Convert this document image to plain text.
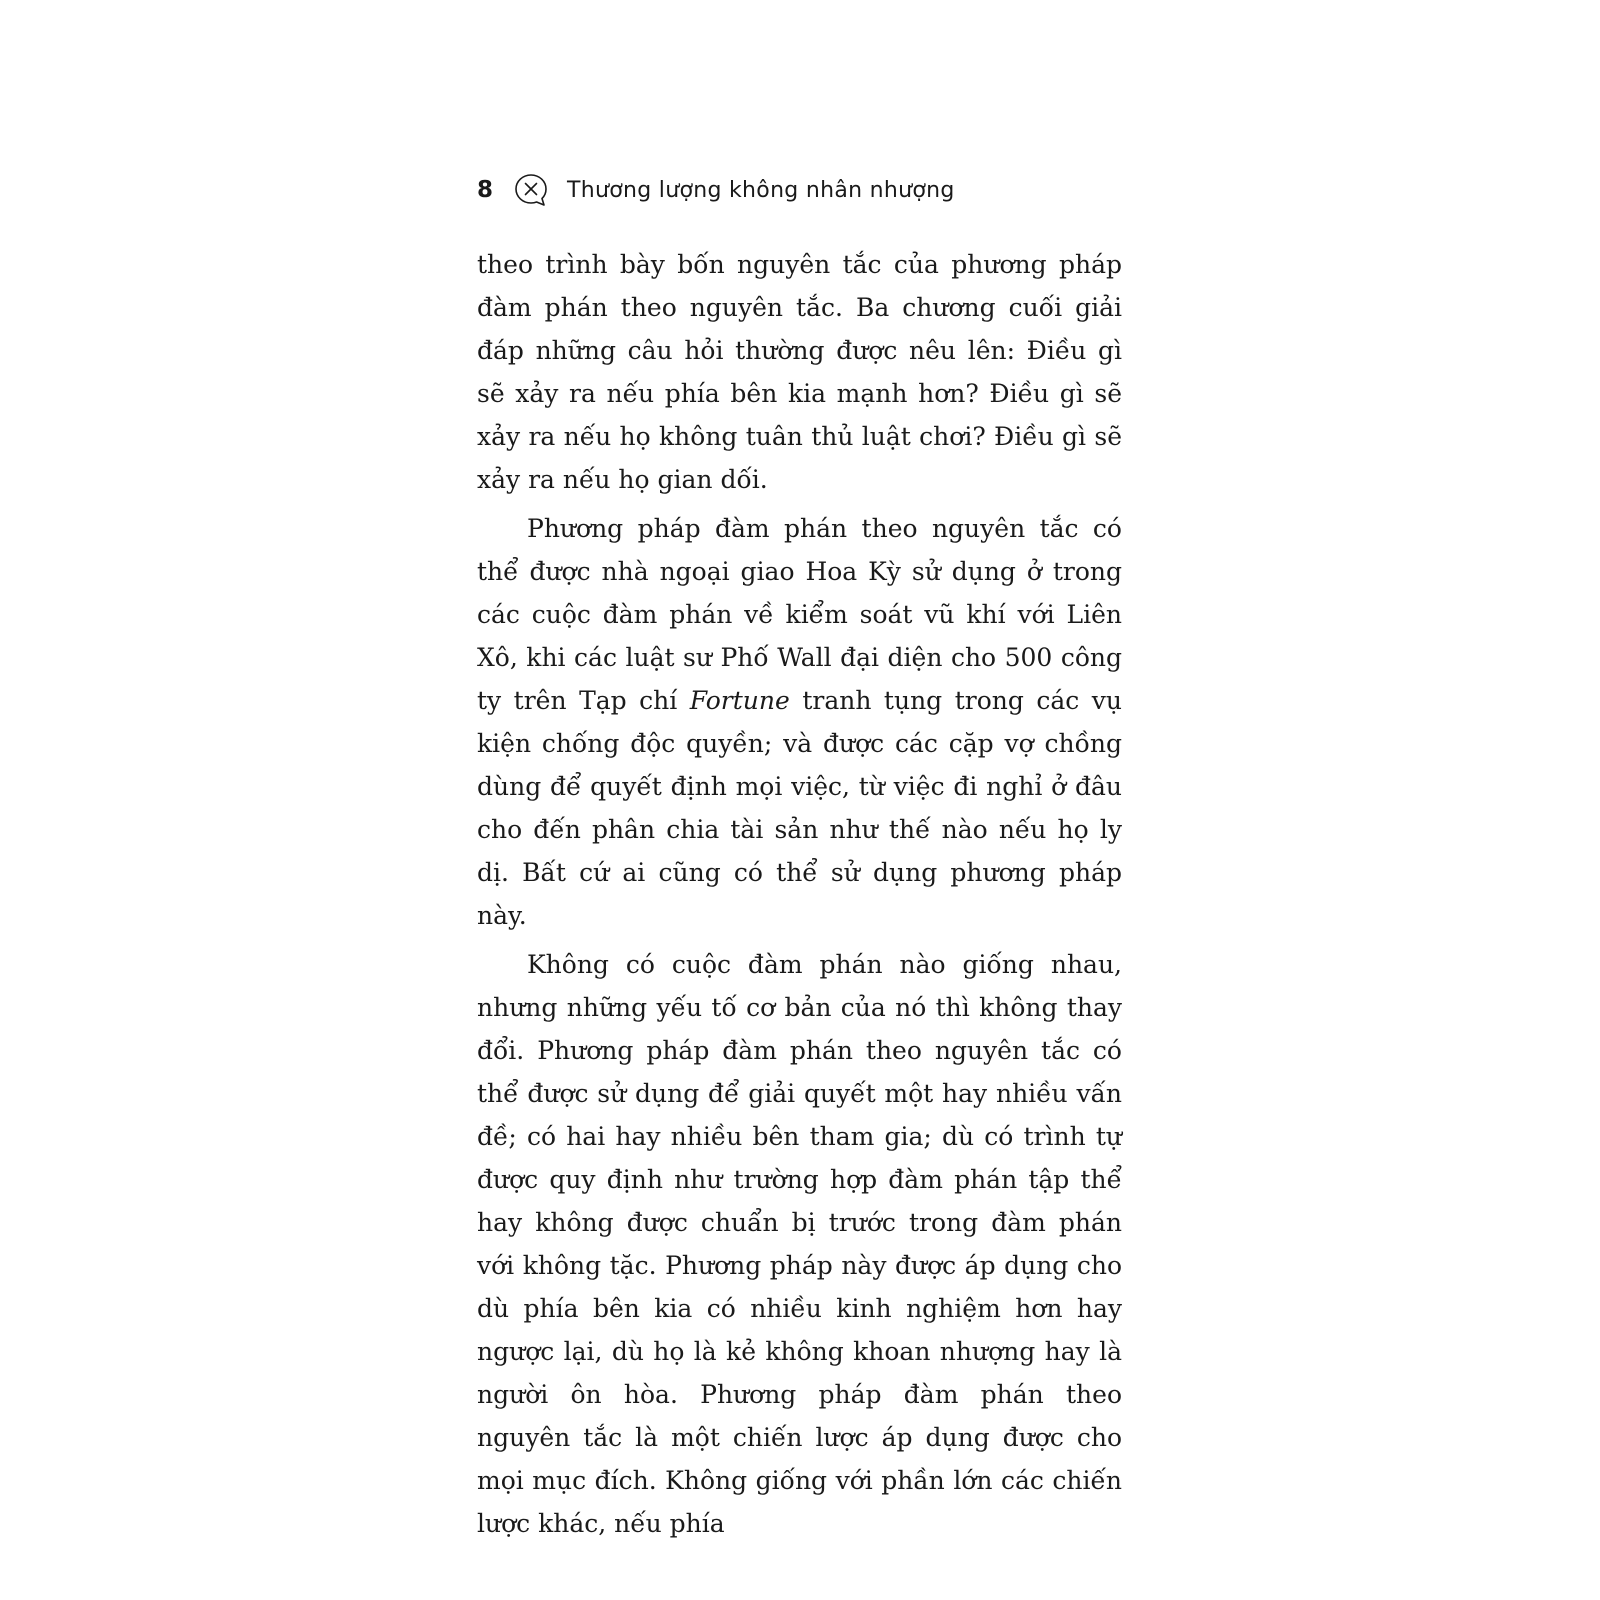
8	Thương lượng không nhân nhượng

theo trình bày bốn nguyên tắc của phương pháp đàm phán theo nguyên tắc. Ba chương cuối giải đáp những câu hỏi thường được nêu lên: Điều gì sẽ xảy ra nếu phía bên kia mạnh hơn? Điều gì sẽ xảy ra nếu họ không tuân thủ luật chơi? Điều gì sẽ xảy ra nếu họ gian dối.

Phương pháp đàm phán theo nguyên tắc có thể được nhà ngoại giao Hoa Kỳ sử dụng ở trong các cuộc đàm phán về kiểm soát vũ khí với Liên Xô, khi các luật sư Phố Wall đại diện cho 500 công ty trên Tạp chí Fortune tranh tụng trong các vụ kiện chống độc quyền; và được các cặp vợ chồng dùng để quyết định mọi việc, từ việc đi nghỉ ở đâu cho đến phân chia tài sản như thế nào nếu họ ly dị. Bất cứ ai cũng có thể sử dụng phương pháp này.

Không có cuộc đàm phán nào giống nhau, nhưng những yếu tố cơ bản của nó thì không thay đổi. Phương pháp đàm phán theo nguyên tắc có thể được sử dụng để giải quyết một hay nhiều vấn đề; có hai hay nhiều bên tham gia; dù có trình tự được quy định như trường hợp đàm phán tập thể hay không được chuẩn bị trước trong đàm phán với không tặc. Phương pháp này được áp dụng cho dù phía bên kia có nhiều kinh nghiệm hơn hay ngược lại, dù họ là kẻ không khoan nhượng hay là người ôn hòa. Phương pháp đàm phán theo nguyên tắc là một chiến lược áp dụng được cho mọi mục đích. Không giống với phần lớn các chiến lược khác, nếu phía
